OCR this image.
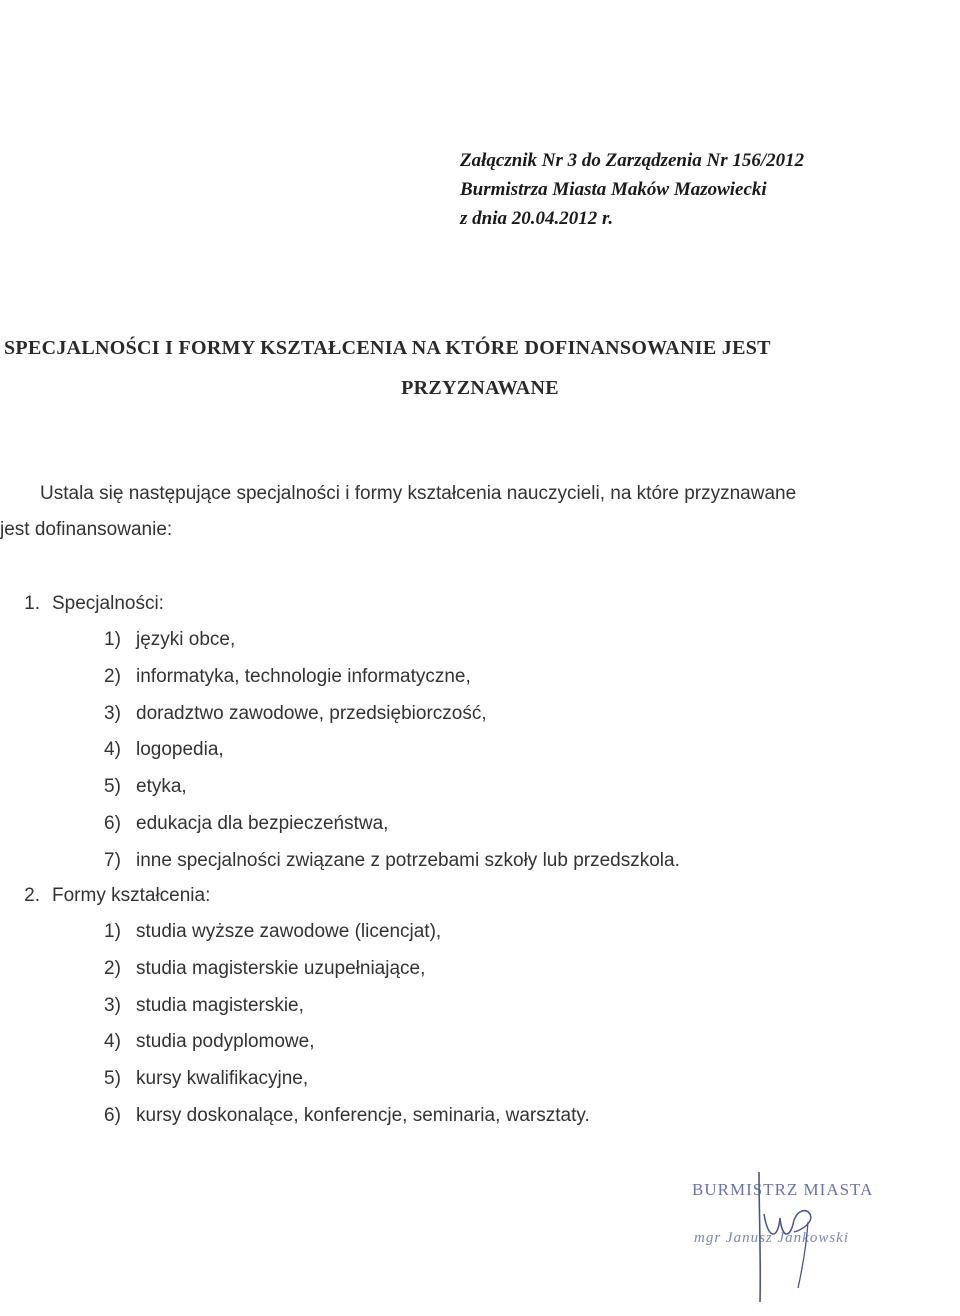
Załącznik Nr 3 do Zarządzenia Nr 156/2012
Burmistrza Miasta Maków Mazowiecki
z dnia 20.04.2012 r.
SPECJALNOŚCI I FORMY KSZTAŁCENIA NA KTÓRE DOFINANSOWANIE JEST
PRZYZNAWANE
Ustala się następujące specjalności i formy kształcenia nauczycieli, na które przyznawane
jest dofinansowanie:
1. Specjalności:
1) języki obce,
2) informatyka, technologie informatyczne,
3) doradztwo zawodowe, przedsiębiorczość,
4) logopedia,
5) etyka,
6) edukacja dla bezpieczeństwa,
7) inne specjalności związane z potrzebami szkoły lub przedszkola.
2. Formy kształcenia:
1) studia wyższe zawodowe (licencjat),
2) studia magisterskie uzupełniające,
3) studia magisterskie,
4) studia podyplomowe,
5) kursy kwalifikacyjne,
6) kursy doskonalące, konferencje, seminaria, warsztaty.
BURMISTRZ MIASTA
mgr Janusz Jankowski
